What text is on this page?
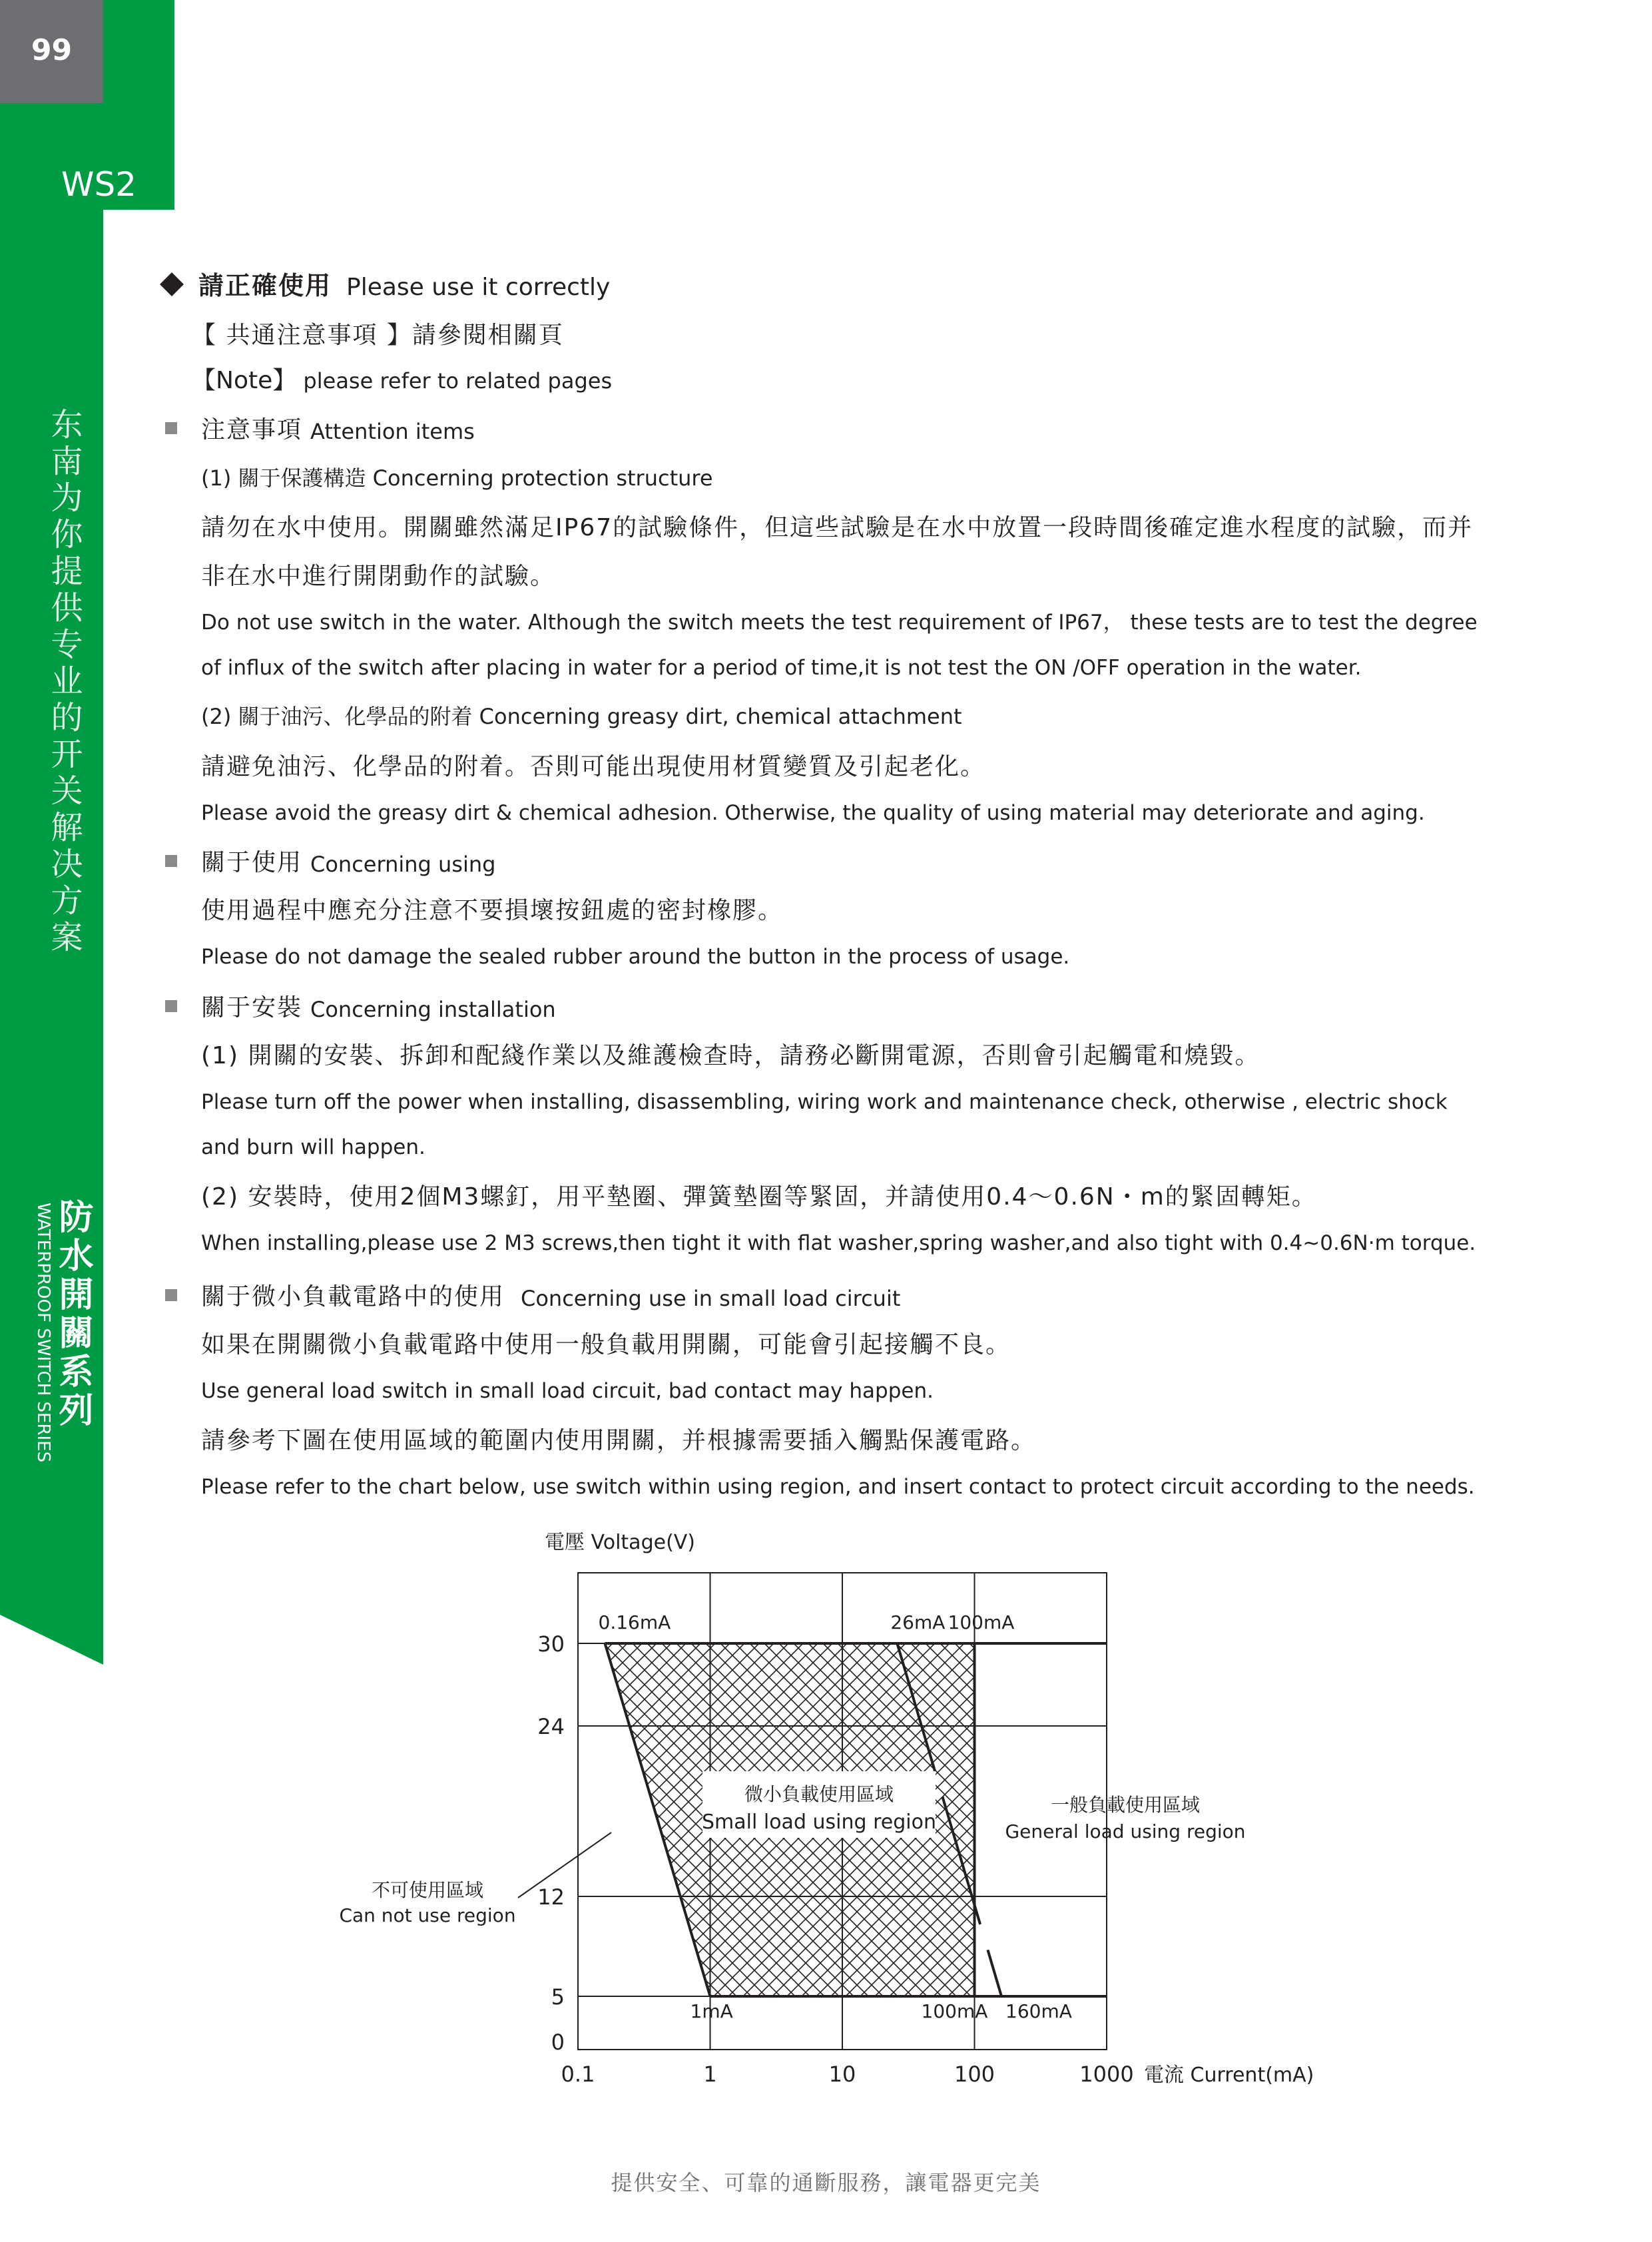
99
WS2
东南为你提供专业的开关解决方案
防水開關系列
WATERPROOF SWITCH SERIES
請正確使用 Please use it correctly
【 共通注意事項 】請參閱相關頁
【Note】 please refer to related pages
注意事項 Attention items
(1) 關于保護構造 Concerning protection structure
請勿在水中使用。開關雖然滿足IP67的試驗條件，但這些試驗是在水中放置一段時間後確定進水程度的試驗，而并
非在水中進行開閉動作的試驗。
Do not use switch in the water. Although the switch meets the test requirement of IP67， these tests are to test the degree
of influx of the switch after placing in water for a period of time,it is not test the ON /OFF operation in the water.
(2) 關于油污、化學品的附着 Concerning greasy dirt, chemical attachment
請避免油污、化學品的附着。否則可能出現使用材質變質及引起老化。
Please avoid the greasy dirt & chemical adhesion. Otherwise, the quality of using material may deteriorate and aging.
關于使用 Concerning using
使用過程中應充分注意不要損壞按鈕處的密封橡膠。
Please do not damage the sealed rubber around the button in the process of usage.
關于安裝 Concerning installation
(1) 開關的安裝、拆卸和配綫作業以及維護檢查時，請務必斷開電源，否則會引起觸電和燒毀。
Please turn off the power when installing, disassembling, wiring work and maintenance check, otherwise , electric shock
and burn will happen.
(2) 安裝時，使用2個M3螺釘，用平墊圈、彈簧墊圈等緊固，并請使用0.4～0.6N・m的緊固轉矩。
When installing,please use 2 M3 screws,then tight it with flat washer,spring washer,and also tight with 0.4~0.6N·m torque.
關于微小負載電路中的使用 Concerning use in small load circuit
如果在開關微小負載電路中使用一般負載用開關，可能會引起接觸不良。
Use general load switch in small load circuit, bad contact may happen.
請參考下圖在使用區域的範圍内使用開關，并根據需要插入觸點保護電路。
Please refer to the chart below, use switch within using region, and insert contact to protect circuit according to the needs.
電壓 Voltage(V)
電流 Current(mA)
0.1	1	10	100	1000
0
5
12
24
30
0.16mA	26mA 100mA
1mA	100mA 160mA
微小負載使用區域
Small load using region
一般負載使用區域
General load using region
不可使用區域
Can not use region
提供安全、可靠的通斷服務，讓電器更完美
